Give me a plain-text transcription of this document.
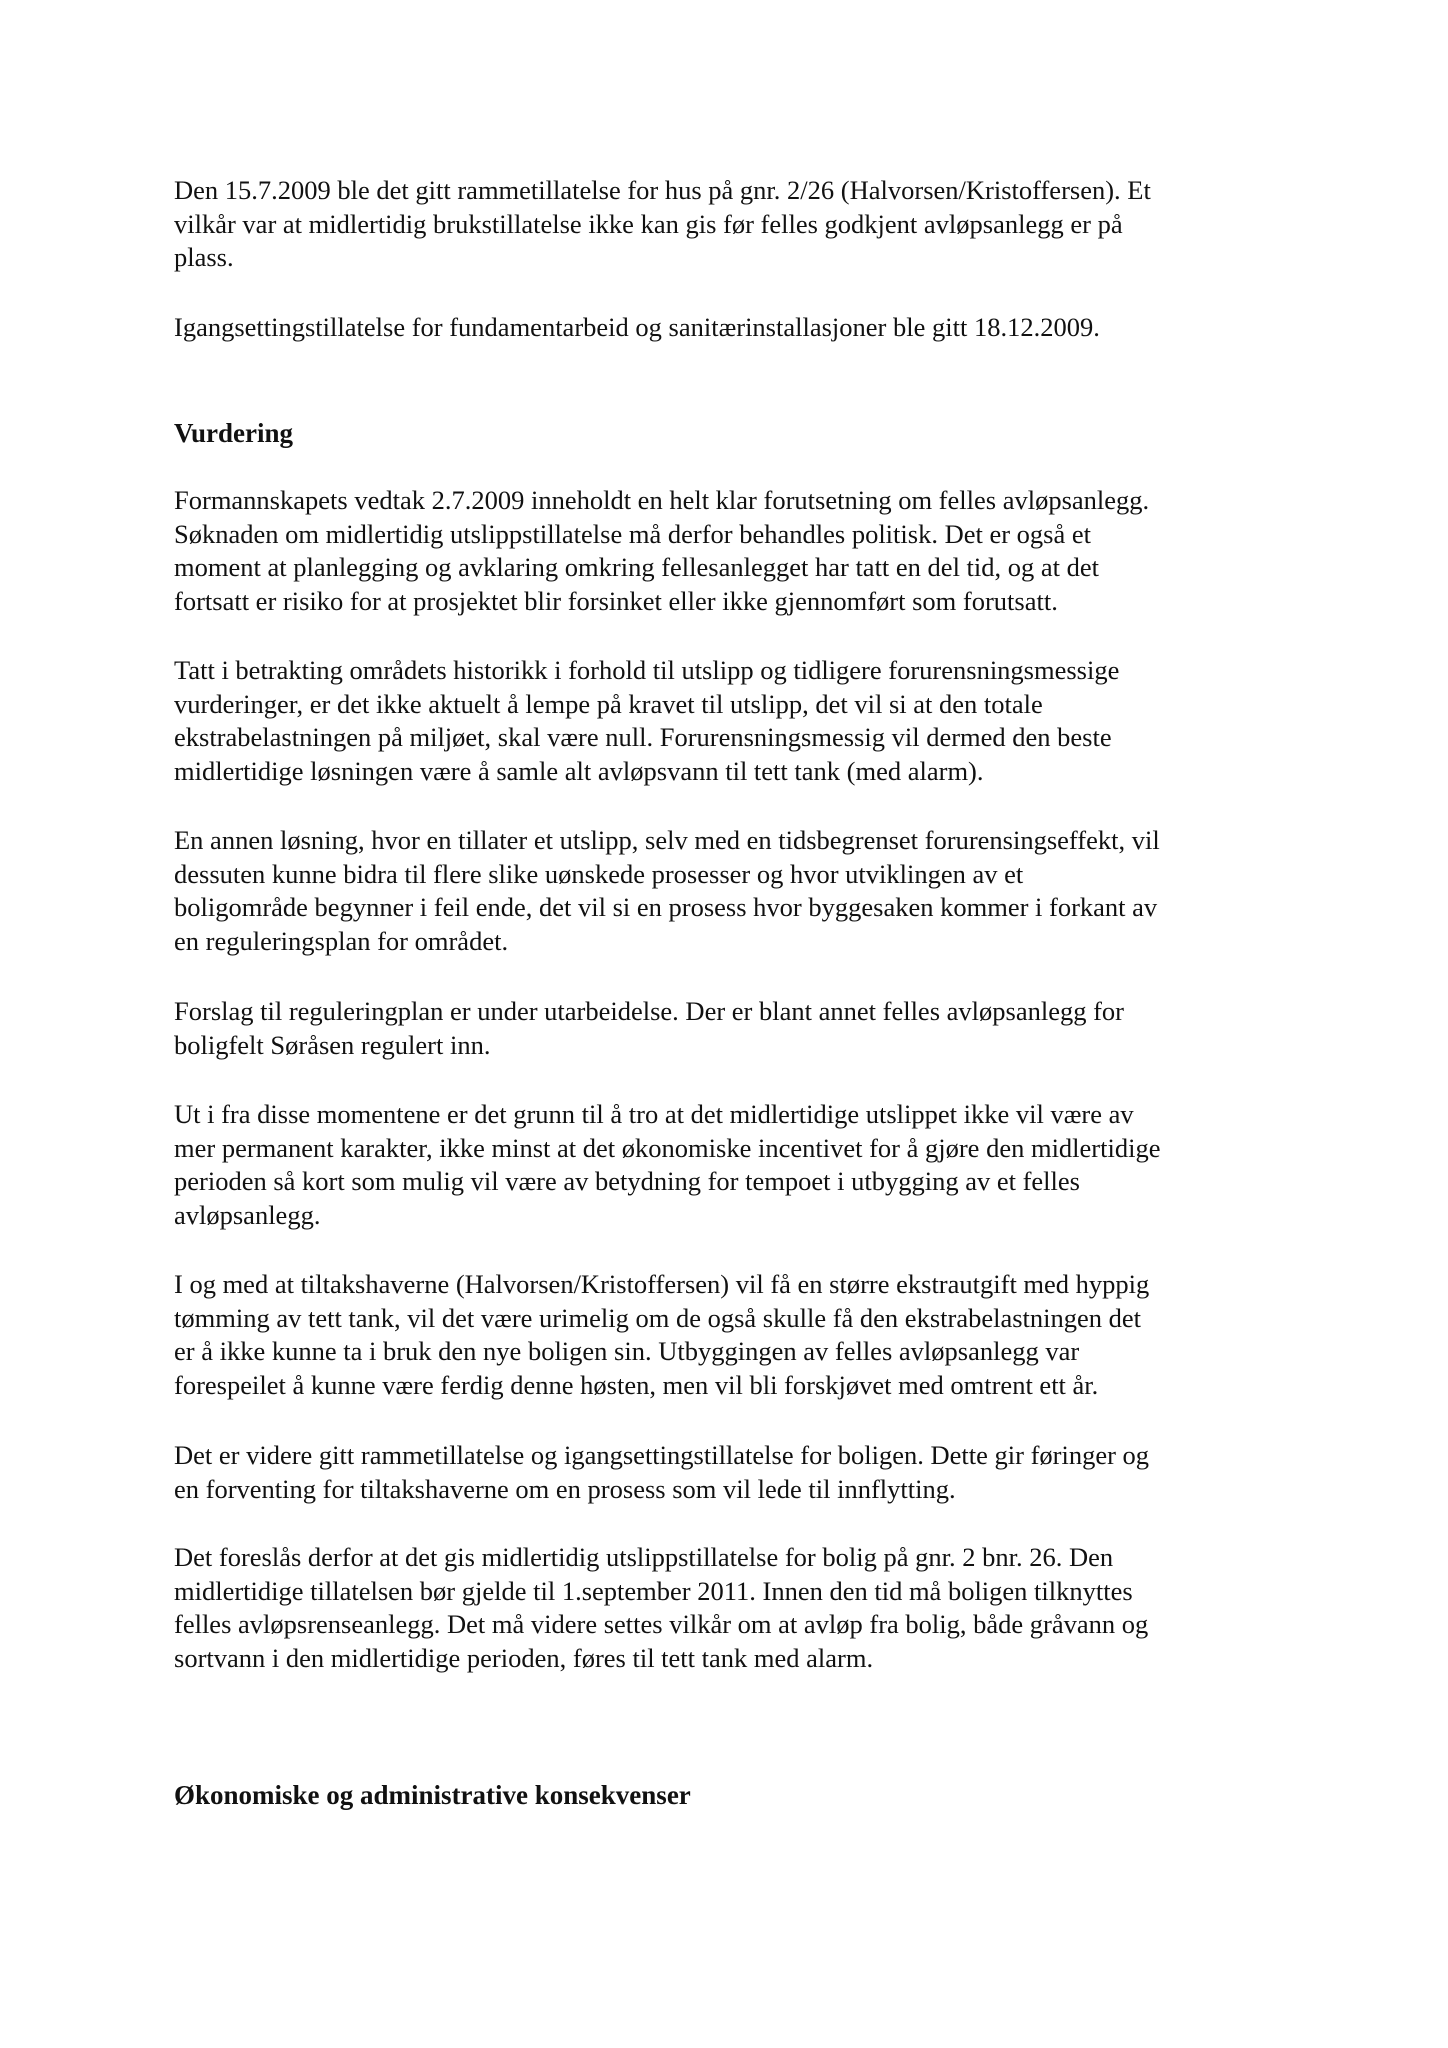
Den 15.7.2009 ble det gitt rammetillatelse for hus på gnr. 2/26 (Halvorsen/Kristoffersen). Et
vilkår var at midlertidig brukstillatelse ikke kan gis før felles godkjent avløpsanlegg er på
plass.

Igangsettingstillatelse for fundamentarbeid og sanitærinstallasjoner ble gitt 18.12.2009.

Vurdering

Formannskapets vedtak 2.7.2009 inneholdt en helt klar forutsetning om felles avløpsanlegg.
Søknaden om midlertidig utslippstillatelse må derfor behandles politisk. Det er også et
moment at planlegging og avklaring omkring fellesanlegget har tatt en del tid, og at det
fortsatt er risiko for at prosjektet blir forsinket eller ikke gjennomført som forutsatt.

Tatt i betrakting områdets historikk i forhold til utslipp og tidligere forurensningsmessige
vurderinger, er det ikke aktuelt å lempe på kravet til utslipp, det vil si at den totale
ekstrabelastningen på miljøet, skal være null. Forurensningsmessig vil dermed den beste
midlertidige løsningen være å samle alt avløpsvann til tett tank (med alarm).

En annen løsning, hvor en tillater et utslipp, selv med en tidsbegrenset forurensingseffekt, vil
dessuten kunne bidra til flere slike uønskede prosesser og hvor utviklingen av et
boligområde begynner i feil ende, det vil si en prosess hvor byggesaken kommer i forkant av
en reguleringsplan for området.

Forslag til reguleringplan er under utarbeidelse. Der er blant annet felles avløpsanlegg for
boligfelt Søråsen regulert inn.

Ut i fra disse momentene er det grunn til å tro at det midlertidige utslippet ikke vil være av
mer permanent karakter, ikke minst at det økonomiske incentivet for å gjøre den midlertidige
perioden så kort som mulig vil være av betydning for tempoet i utbygging av et felles
avløpsanlegg.

I og med at tiltakshaverne (Halvorsen/Kristoffersen) vil få en større ekstrautgift med hyppig
tømming av tett tank, vil det være urimelig om de også skulle få den ekstrabelastningen det
er å ikke kunne ta i bruk den nye boligen sin. Utbyggingen av felles avløpsanlegg var
forespeilet å kunne være ferdig denne høsten, men vil bli forskjøvet med omtrent ett år.

Det er videre gitt rammetillatelse og igangsettingstillatelse for boligen. Dette gir føringer og
en forventing for tiltakshaverne om en prosess som vil lede til innflytting.

Det foreslås derfor at det gis midlertidig utslippstillatelse for bolig på gnr. 2 bnr. 26. Den
midlertidige tillatelsen bør gjelde til 1.september 2011. Innen den tid må boligen tilknyttes
felles avløpsrenseanlegg. Det må videre settes vilkår om at avløp fra bolig, både gråvann og
sortvann i den midlertidige perioden, føres til tett tank med alarm.

Økonomiske og administrative konsekvenser
